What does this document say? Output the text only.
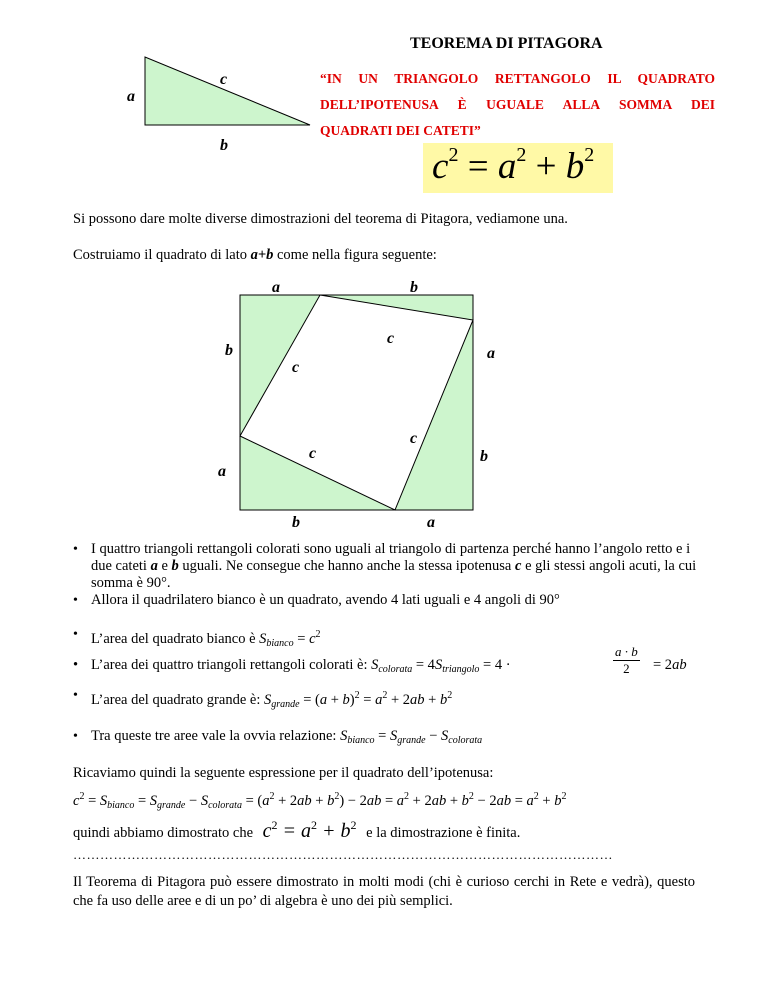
TEOREMA DI PITAGORA
c
a
b
“IN UN TRIANGOLO RETTANGOLO IL QUADRATO
DELL’IPOTENUSA È UGUALE ALLA SOMMA DEI
QUADRATI DEI CATETI”
$c^2 = a^2 + b^2$
Si possono dare molte diverse dimostrazioni del teorema di Pitagora, vediamone una.
Costruiamo il quadrato di lato a+b come nella figura seguente:
a	b
a
b
b
a
b	a
c
c
c
c
• I quattro triangoli rettangoli colorati sono uguali al triangolo di partenza perché hanno l’angolo retto e i due cateti a e b uguali. Ne consegue che hanno anche la stessa ipotenusa c e gli stessi angoli acuti, la cui somma è 90°.
• Allora il quadrilatero bianco è un quadrato, avendo 4 lati uguali e 4 angoli di 90°
• L’area del quadrato bianco è $S_{bianco} = c^2$
• L’area dei quattro triangoli rettangoli colorati è: $S_{colorata} = 4S_{triangolo} = 4$ ·
a · b
2	= 2ab
• L’area del quadrato grande è: $S_{grande} = (a + b)^2 = a^2 + 2ab + b^2$
• Tra queste tre aree vale la ovvia relazione: $S_{bianco} = S_{grande} - S_{colorata}$
Ricaviamo quindi la seguente espressione per il quadrato dell’ipotenusa:
$c^2 = S_{bianco} = S_{grande} - S_{colorata} = (a^2 + 2ab + b^2) - 2ab = a^2 + 2ab + b^2 - 2ab = a^2 + b^2$
quindi abbiamo dimostrato che $c^2 = a^2 + b^2$ e la dimostrazione è finita.
…………………………………………………………………………………………………………
Il Teorema di Pitagora può essere dimostrato in molti modi (chi è curioso cerchi in Rete e vedrà), questo che fa uso delle aree e di un po’ di algebra è uno dei più semplici.
